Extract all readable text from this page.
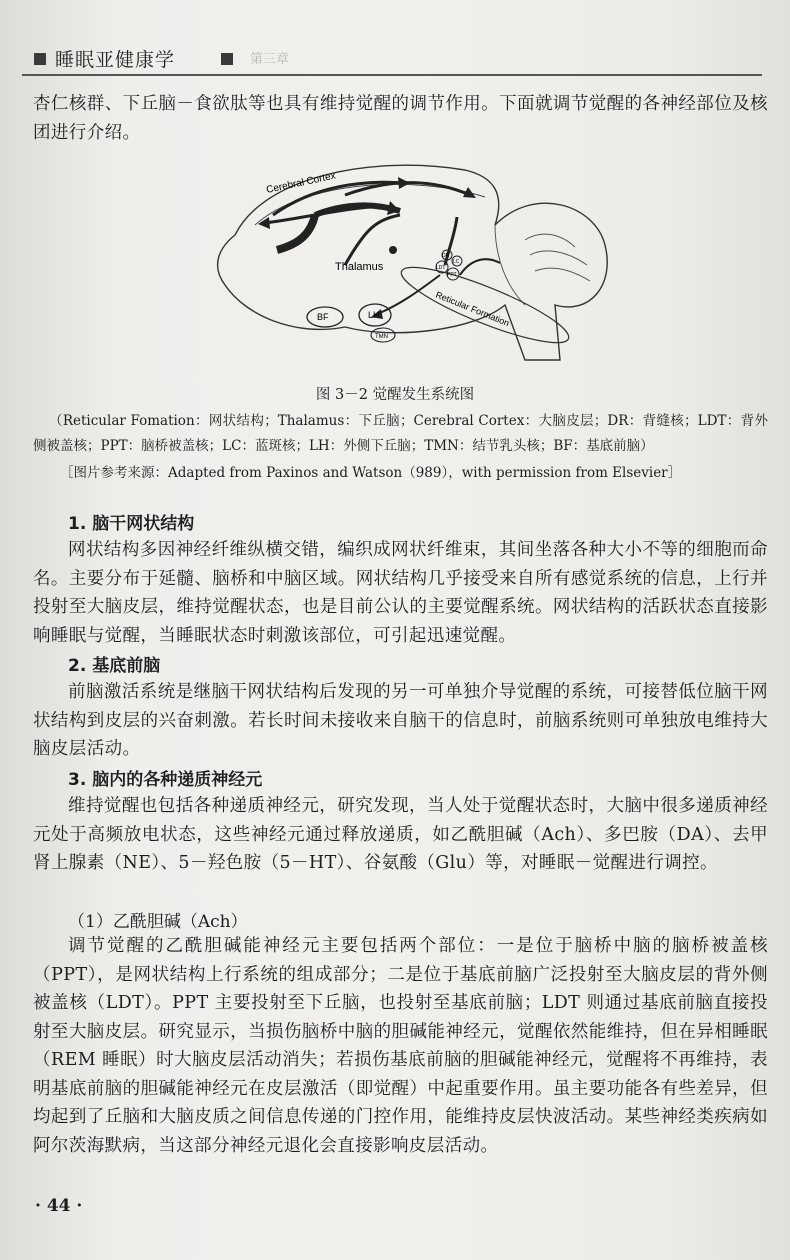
睡眠亚健康学	第三章

杏仁核群、下丘脑－食欲肽等也具有维持觉醒的调节作用。下面就调节觉醒的各神经部位及核团进行介绍。

Cerebral Cortex
Thalamus
Reticular Formation
BF	LH
TMN
LDT
PPT
LC
DR

图 3－2 觉醒发生系统图

（Reticular Fomation：网状结构；Thalamus：下丘脑；Cerebral Cortex：大脑皮层；DR：背缝核；LDT：背外侧被盖核；PPT：脑桥被盖核；LC：蓝斑核；LH：外侧下丘脑；TMN：结节乳头核；BF：基底前脑）

［图片参考来源：Adapted from Paxinos and Watson（989），with permission from Elsevier］

1. 脑干网状结构

网状结构多因神经纤维纵横交错，编织成网状纤维束，其间坐落各种大小不等的细胞而命名。主要分布于延髓、脑桥和中脑区域。网状结构几乎接受来自所有感觉系统的信息，上行并投射至大脑皮层，维持觉醒状态，也是目前公认的主要觉醒系统。网状结构的活跃状态直接影响睡眠与觉醒，当睡眠状态时刺激该部位，可引起迅速觉醒。

2. 基底前脑

前脑激活系统是继脑干网状结构后发现的另一可单独介导觉醒的系统，可接替低位脑干网状结构到皮层的兴奋刺激。若长时间未接收来自脑干的信息时，前脑系统则可单独放电维持大脑皮层活动。

3. 脑内的各种递质神经元

维持觉醒也包括各种递质神经元，研究发现，当人处于觉醒状态时，大脑中很多递质神经元处于高频放电状态，这些神经元通过释放递质，如乙酰胆碱（Ach）、多巴胺（DA）、去甲肾上腺素（NE）、5－羟色胺（5－HT）、谷氨酸（Glu）等，对睡眠－觉醒进行调控。

（1）乙酰胆碱（Ach）

调节觉醒的乙酰胆碱能神经元主要包括两个部位：一是位于脑桥中脑的脑桥被盖核（PPT），是网状结构上行系统的组成部分；二是位于基底前脑广泛投射至大脑皮层的背外侧被盖核（LDT）。PPT 主要投射至下丘脑，也投射至基底前脑；LDT 则通过基底前脑直接投射至大脑皮层。研究显示，当损伤脑桥中脑的胆碱能神经元，觉醒依然能维持，但在异相睡眠（REM 睡眠）时大脑皮层活动消失；若损伤基底前脑的胆碱能神经元，觉醒将不再维持，表明基底前脑的胆碱能神经元在皮层激活（即觉醒）中起重要作用。虽主要功能各有些差异，但均起到了丘脑和大脑皮质之间信息传递的门控作用，能维持皮层快波活动。某些神经类疾病如阿尔茨海默病，当这部分神经元退化会直接影响皮层活动。

· 44 ·
